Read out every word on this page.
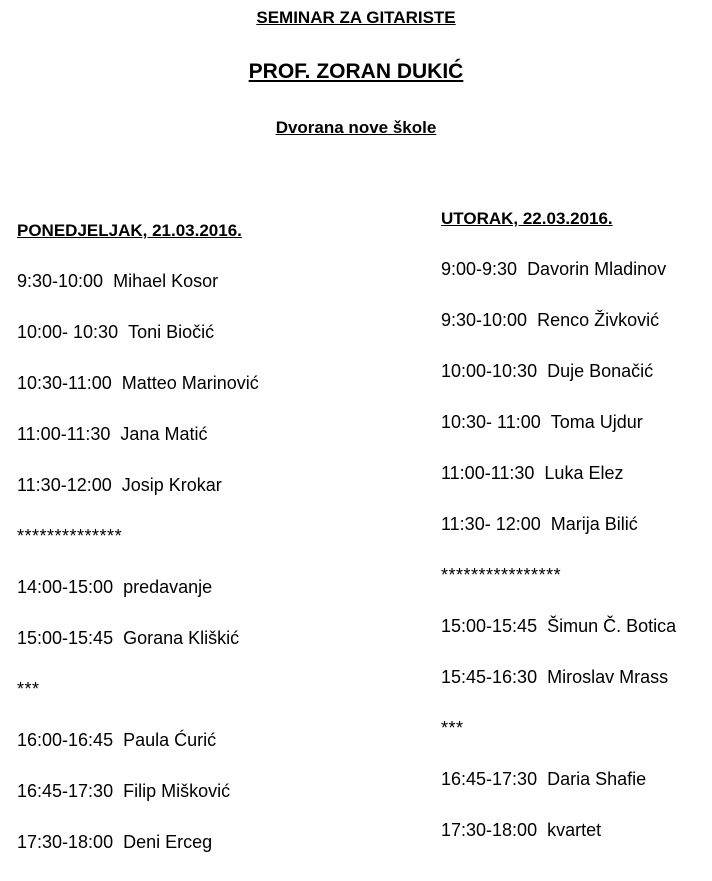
SEMINAR ZA GITARISTE
PROF. ZORAN DUKIĆ
Dvorana nove škole
PONEDJELJAK, 21.03.2016.
9:30-10:00 Mihael Kosor
10:00- 10:30 Toni Biočić
10:30-11:00 Matteo Marinović
11:00-11:30 Jana Matić
11:30-12:00 Josip Krokar
**************
14:00-15:00 predavanje
15:00-15:45 Gorana Kliškić
***
16:00-16:45 Paula Ćurić
16:45-17:30 Filip Mišković
17:30-18:00 Deni Erceg
UTORAK, 22.03.2016.
9:00-9:30 Davorin Mladinov
9:30-10:00 Renco Živković
10:00-10:30 Duje Bonačić
10:30- 11:00 Toma Ujdur
11:00-11:30 Luka Elez
11:30- 12:00 Marija Bilić
****************
15:00-15:45 Šimun Č. Botica
15:45-16:30 Miroslav Mrass
***
16:45-17:30 Daria Shafie
17:30-18:00 kvartet
